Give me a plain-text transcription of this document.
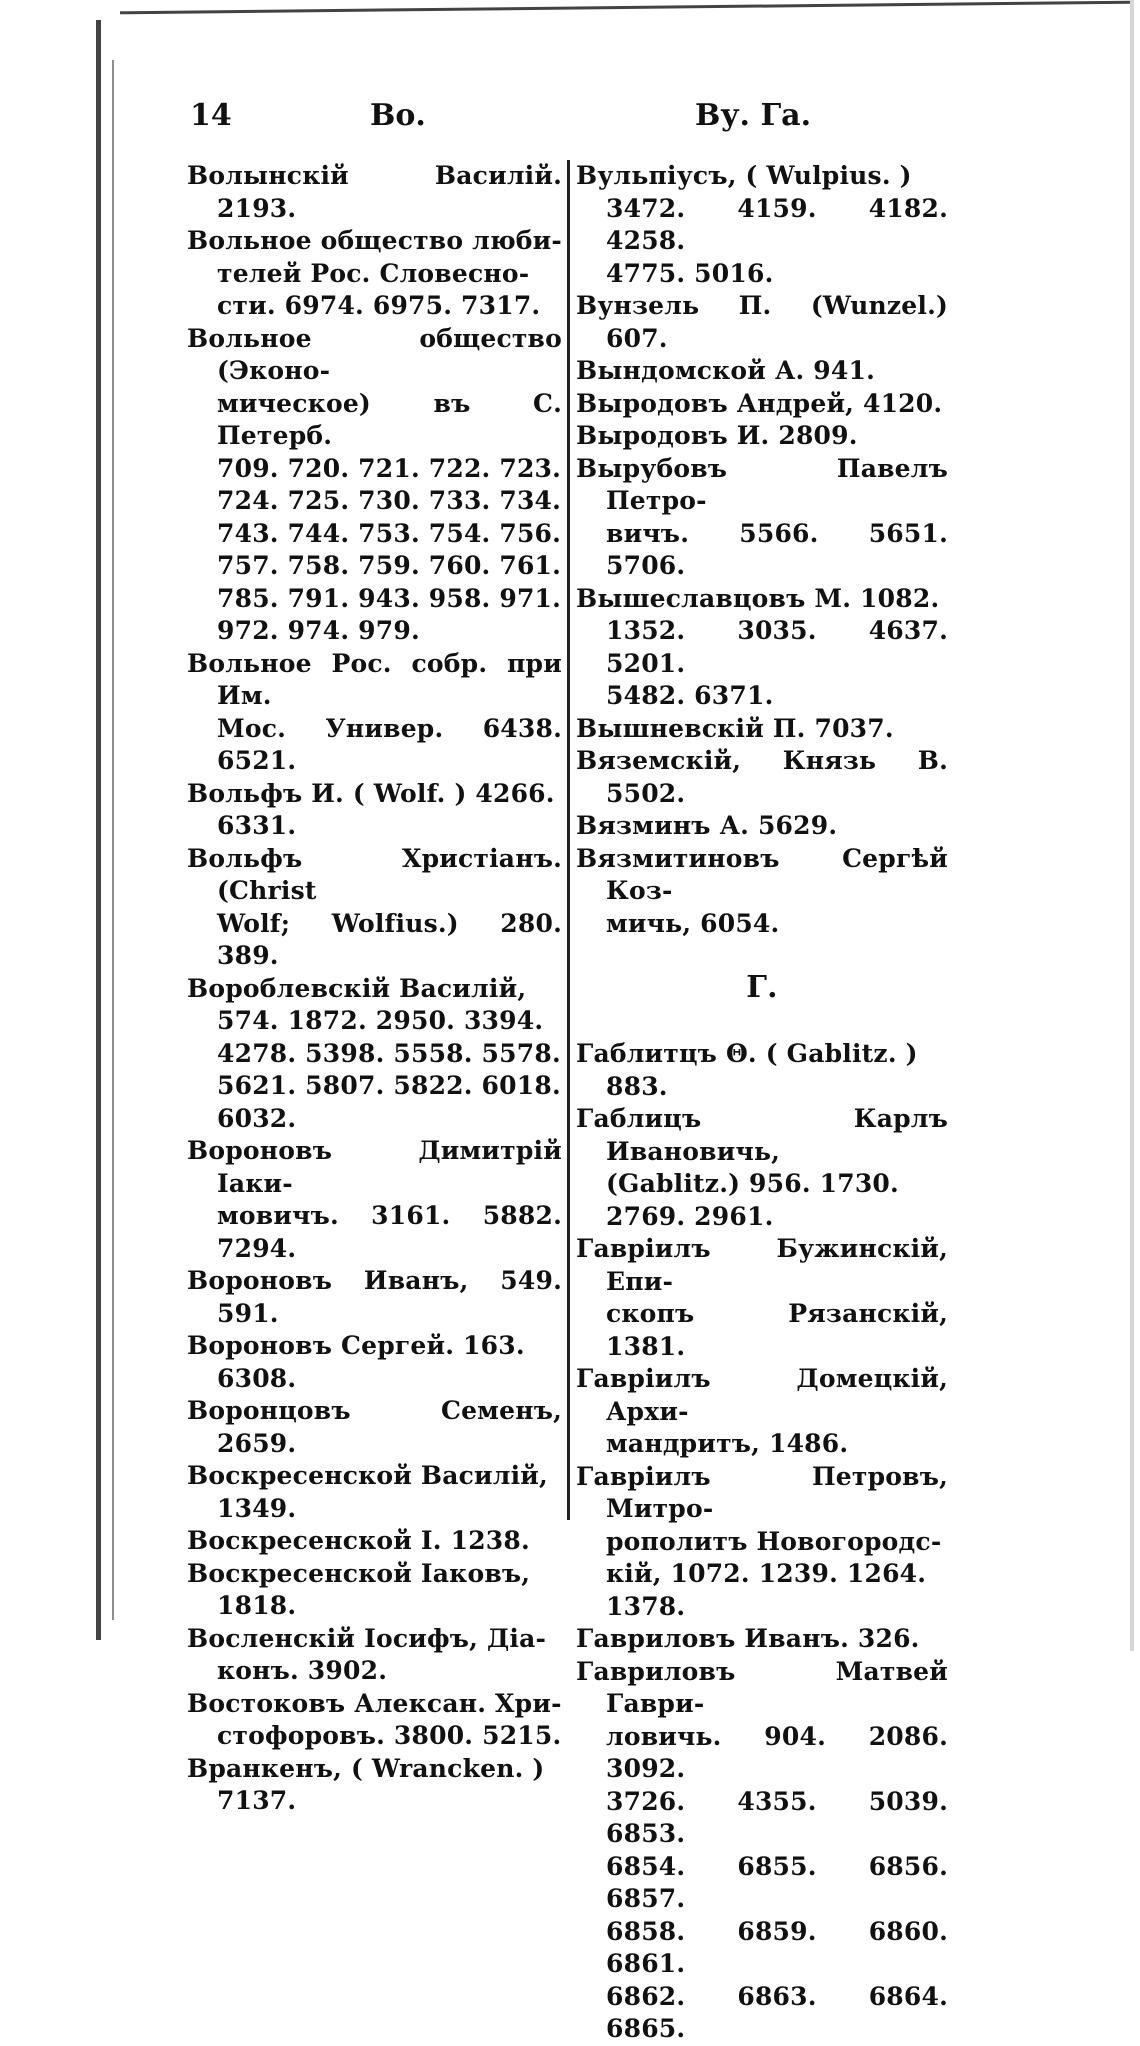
14	Во.	Ву. Га.

Волынскій Василій. 2193.

Вольное общество люби-
телей Рос. Словесно-
сти. 6974. 6975. 7317.

Вольное общество (Эконо-
мическое) въ С. Петерб.
709. 720. 721. 722. 723.
724. 725. 730. 733. 734.
743. 744. 753. 754. 756.
757. 758. 759. 760. 761.
785. 791. 943. 958. 971.
972. 974. 979.

Вольное Рос. собр. при Им.
Мос. Универ. 6438. 6521.

Вольфъ И. ( Wolf. ) 4266.
6331.

Вольфъ Христіанъ. (Christ
Wolf; Wolfius.) 280. 389.

Вороблевскій Василій,
574. 1872. 2950. 3394.
4278. 5398. 5558. 5578.
5621. 5807. 5822. 6018.
6032.

Вороновъ Димитрій Іаки-
мовичъ. 3161. 5882. 7294.

Вороновъ Иванъ, 549. 591.

Вороновъ Сергей. 163.
6308.

Воронцовъ Семенъ, 2659.

Воскресенской Василій,
1349.

Воскресенской І. 1238.

Воскресенской Іаковъ,
1818.

Восленскій Іосифъ, Діа-
конъ. 3902.

Востоковъ Алексан. Хри-
стофоровъ. 3800. 5215.

Вранкенъ, ( Wrancken. )
7137.

Вульпіусъ, ( Wulpius. )
3472. 4159. 4182. 4258.
4775. 5016.

Вунзель П. (Wunzel.) 607.

Вындомской А. 941.

Выродовъ Андрей, 4120.

Выродовъ И. 2809.

Вырубовъ Павелъ Петро-
вичъ. 5566. 5651. 5706.

Вышеславцовъ М. 1082.
1352. 3035. 4637. 5201.
5482. 6371.

Вышневскій П. 7037.

Вяземскій, Князь В. 5502.

Вязминъ А. 5629.

Вязмитиновъ Сергѣй Коз-
мичь, 6054.

Г.

Габлитцъ Θ. ( Gablitz. )
883.

Габлицъ Карлъ Ивановичь,
(Gablitz.) 956. 1730.
2769. 2961.

Гавріилъ Бужинскій, Епи-
скопъ Рязанскій, 1381.

Гавріилъ Домецкій, Архи-
мандритъ, 1486.

Гавріилъ Петровъ, Митро-
рополитъ Новогородс-
кій, 1072. 1239. 1264.
1378.

Гавриловъ Иванъ. 326.

Гавриловъ Матвей Гаври-
ловичь. 904. 2086. 3092.
3726. 4355. 5039. 6853.
6854. 6855. 6856. 6857.
6858. 6859. 6860. 6861.
6862. 6863. 6864. 6865.
